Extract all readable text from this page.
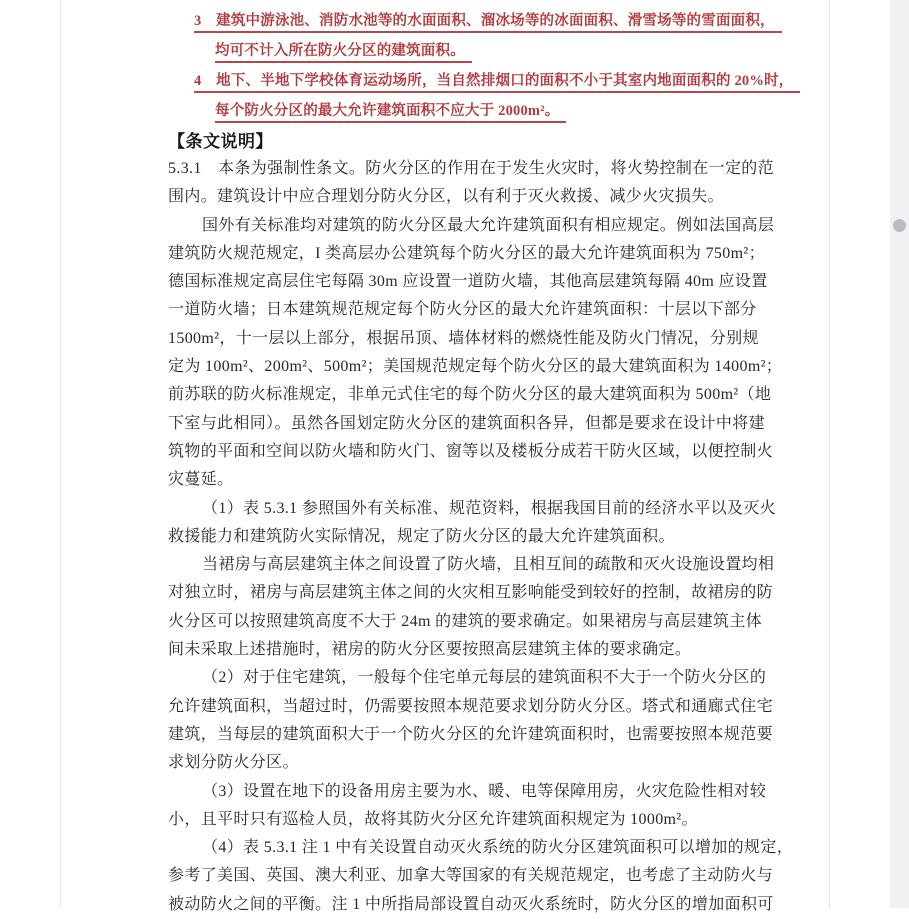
3　建筑中游泳池、消防水池等的水面面积、溜冰场等的冰面面积、滑雪场等的雪面面积，
均可不计入所在防火分区的建筑面积。
4　地下、半地下学校体育运动场所，当自然排烟口的面积不小于其室内地面面积的 20%时，
每个防火分区的最大允许建筑面积不应大于 2000m²。
【条文说明】
5.3.1　本条为强制性条文。防火分区的作用在于发生火灾时，将火势控制在一定的范
围内。建筑设计中应合理划分防火分区，以有利于灭火救援、减少火灾损失。
国外有关标准均对建筑的防火分区最大允许建筑面积有相应规定。例如法国高层
建筑防火规范规定，I 类高层办公建筑每个防火分区的最大允许建筑面积为 750m²；
德国标准规定高层住宅每隔 30m 应设置一道防火墙，其他高层建筑每隔 40m 应设置
一道防火墙；日本建筑规范规定每个防火分区的最大允许建筑面积：十层以下部分
1500m²，十一层以上部分，根据吊顶、墙体材料的燃烧性能及防火门情况，分别规
定为 100m²、200m²、500m²；美国规范规定每个防火分区的最大建筑面积为 1400m²；
前苏联的防火标准规定，非单元式住宅的每个防火分区的最大建筑面积为 500m²（地
下室与此相同）。虽然各国划定防火分区的建筑面积各异，但都是要求在设计中将建
筑物的平面和空间以防火墙和防火门、窗等以及楼板分成若干防火区域，以便控制火
灾蔓延。
（1）表 5.3.1 参照国外有关标准、规范资料，根据我国目前的经济水平以及灭火
救援能力和建筑防火实际情况，规定了防火分区的最大允许建筑面积。
当裙房与高层建筑主体之间设置了防火墙，且相互间的疏散和灭火设施设置均相
对独立时，裙房与高层建筑主体之间的火灾相互影响能受到较好的控制，故裙房的防
火分区可以按照建筑高度不大于 24m 的建筑的要求确定。如果裙房与高层建筑主体
间未采取上述措施时，裙房的防火分区要按照高层建筑主体的要求确定。
（2）对于住宅建筑，一般每个住宅单元每层的建筑面积不大于一个防火分区的
允许建筑面积，当超过时，仍需要按照本规范要求划分防火分区。塔式和通廊式住宅
建筑，当每层的建筑面积大于一个防火分区的允许建筑面积时，也需要按照本规范要
求划分防火分区。
（3）设置在地下的设备用房主要为水、暖、电等保障用房，火灾危险性相对较
小，且平时只有巡检人员，故将其防火分区允许建筑面积规定为 1000m²。
（4）表 5.3.1 注 1 中有关设置自动灭火系统的防火分区建筑面积可以增加的规定，
参考了美国、英国、澳大利亚、加拿大等国家的有关规范规定，也考虑了主动防火与
被动防火之间的平衡。注 1 中所指局部设置自动灭火系统时，防火分区的增加面积可
